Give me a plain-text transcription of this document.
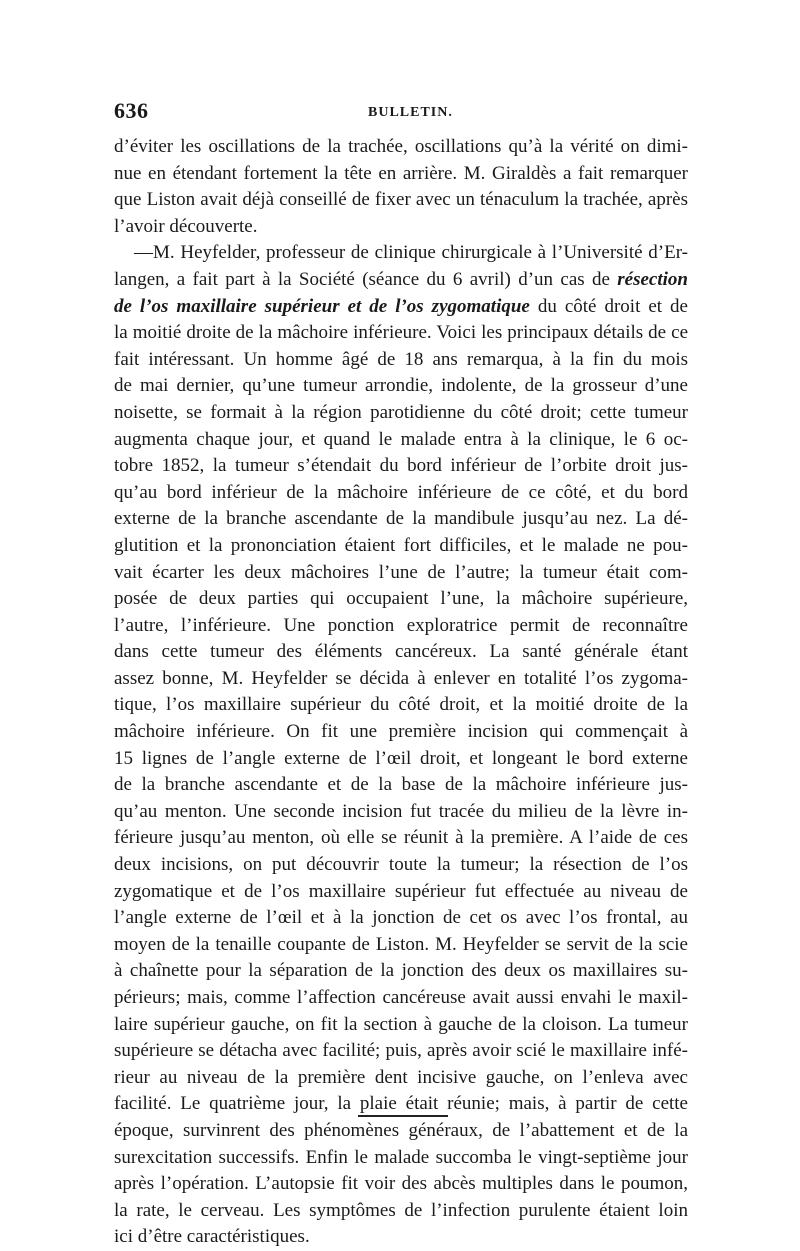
636	BULLETIN.

d’éviter les oscillations de la trachée, oscillations qu’à la vérité on dimi-
nue en étendant fortement la tête en arrière. M. Giraldès a fait remarquer
que Liston avait déjà conseillé de fixer avec un ténaculum la trachée, après
l’avoir découverte.

—M. Heyfelder, professeur de clinique chirurgicale à l’Université d’Er-
langen, a fait part à la Société (séance du 6 avril) d’un cas de résection
de l’os maxillaire supérieur et de l’os zygomatique du côté droit et de
la moitié droite de la mâchoire inférieure. Voici les principaux détails de ce
fait intéressant. Un homme âgé de 18 ans remarqua, à la fin du mois
de mai dernier, qu’une tumeur arrondie, indolente, de la grosseur d’une
noisette, se formait à la région parotidienne du côté droit; cette tumeur
augmenta chaque jour, et quand le malade entra à la clinique, le 6 oc-
tobre 1852, la tumeur s’étendait du bord inférieur de l’orbite droit jus-
qu’au bord inférieur de la mâchoire inférieure de ce côté, et du bord
externe de la branche ascendante de la mandibule jusqu’au nez. La dé-
glutition et la prononciation étaient fort difficiles, et le malade ne pou-
vait écarter les deux mâchoires l’une de l’autre; la tumeur était com-
posée de deux parties qui occupaient l’une, la mâchoire supérieure,
l’autre, l’inférieure. Une ponction exploratrice permit de reconnaître
dans cette tumeur des éléments cancéreux. La santé générale étant
assez bonne, M. Heyfelder se décida à enlever en totalité l’os zygoma-
tique, l’os maxillaire supérieur du côté droit, et la moitié droite de la
mâchoire inférieure. On fit une première incision qui commençait à
15 lignes de l’angle externe de l’œil droit, et longeant le bord externe
de la branche ascendante et de la base de la mâchoire inférieure jus-
qu’au menton. Une seconde incision fut tracée du milieu de la lèvre in-
férieure jusqu’au menton, où elle se réunit à la première. A l’aide de ces
deux incisions, on put découvrir toute la tumeur; la résection de l’os
zygomatique et de l’os maxillaire supérieur fut effectuée au niveau de
l’angle externe de l’œil et à la jonction de cet os avec l’os frontal, au
moyen de la tenaille coupante de Liston. M. Heyfelder se servit de la scie
à chaînette pour la séparation de la jonction des deux os maxillaires su-
périeurs; mais, comme l’affection cancéreuse avait aussi envahi le maxil-
laire supérieur gauche, on fit la section à gauche de la cloison. La tumeur
supérieure se détacha avec facilité; puis, après avoir scié le maxillaire infé-
rieur au niveau de la première dent incisive gauche, on l’enleva avec
facilité. Le quatrième jour, la plaie était réunie; mais, à partir de cette
époque, survinrent des phénomènes généraux, de l’abattement et de la
surexcitation successifs. Enfin le malade succomba le vingt-septième jour
après l’opération. L’autopsie fit voir des abcès multiples dans le poumon,
la rate, le cerveau. Les symptômes de l’infection purulente étaient loin
ici d’être caractéristiques.
